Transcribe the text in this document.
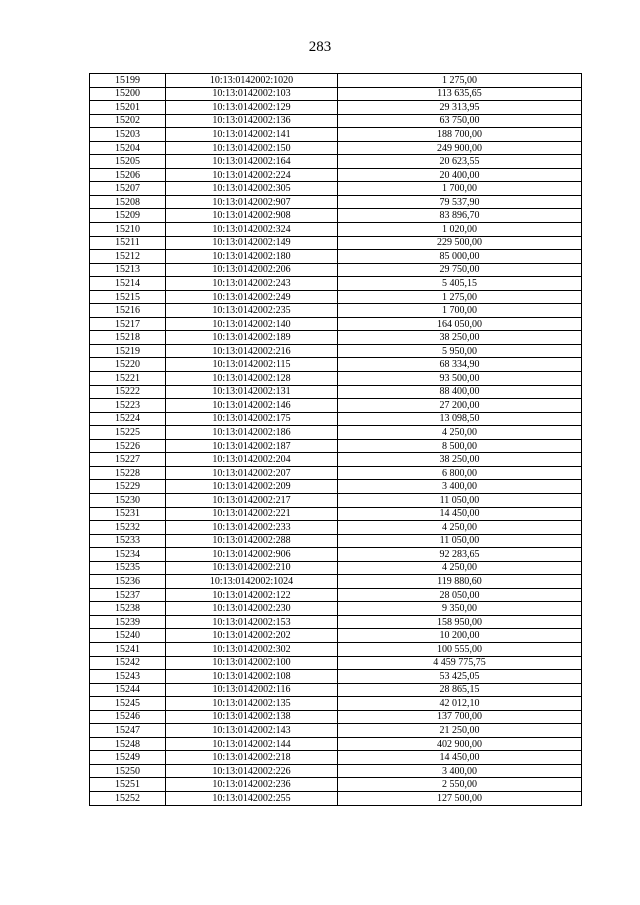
283
15199	10:13:0142002:1020	1 275,00
15200	10:13:0142002:103	113 635,65
15201	10:13:0142002:129	29 313,95
15202	10:13:0142002:136	63 750,00
15203	10:13:0142002:141	188 700,00
15204	10:13:0142002:150	249 900,00
15205	10:13:0142002:164	20 623,55
15206	10:13:0142002:224	20 400,00
15207	10:13:0142002:305	1 700,00
15208	10:13:0142002:907	79 537,90
15209	10:13:0142002:908	83 896,70
15210	10:13:0142002:324	1 020,00
15211	10:13:0142002:149	229 500,00
15212	10:13:0142002:180	85 000,00
15213	10:13:0142002:206	29 750,00
15214	10:13:0142002:243	5 405,15
15215	10:13:0142002:249	1 275,00
15216	10:13:0142002:235	1 700,00
15217	10:13:0142002:140	164 050,00
15218	10:13:0142002:189	38 250,00
15219	10:13:0142002:216	5 950,00
15220	10:13:0142002:115	68 334,90
15221	10:13:0142002:128	93 500,00
15222	10:13:0142002:131	88 400,00
15223	10:13:0142002:146	27 200,00
15224	10:13:0142002:175	13 098,50
15225	10:13:0142002:186	4 250,00
15226	10:13:0142002:187	8 500,00
15227	10:13:0142002:204	38 250,00
15228	10:13:0142002:207	6 800,00
15229	10:13:0142002:209	3 400,00
15230	10:13:0142002:217	11 050,00
15231	10:13:0142002:221	14 450,00
15232	10:13:0142002:233	4 250,00
15233	10:13:0142002:288	11 050,00
15234	10:13:0142002:906	92 283,65
15235	10:13:0142002:210	4 250,00
15236	10:13:0142002:1024	119 880,60
15237	10:13:0142002:122	28 050,00
15238	10:13:0142002:230	9 350,00
15239	10:13:0142002:153	158 950,00
15240	10:13:0142002:202	10 200,00
15241	10:13:0142002:302	100 555,00
15242	10:13:0142002:100	4 459 775,75
15243	10:13:0142002:108	53 425,05
15244	10:13:0142002:116	28 865,15
15245	10:13:0142002:135	42 012,10
15246	10:13:0142002:138	137 700,00
15247	10:13:0142002:143	21 250,00
15248	10:13:0142002:144	402 900,00
15249	10:13:0142002:218	14 450,00
15250	10:13:0142002:226	3 400,00
15251	10:13:0142002:236	2 550,00
15252	10:13:0142002:255	127 500,00
